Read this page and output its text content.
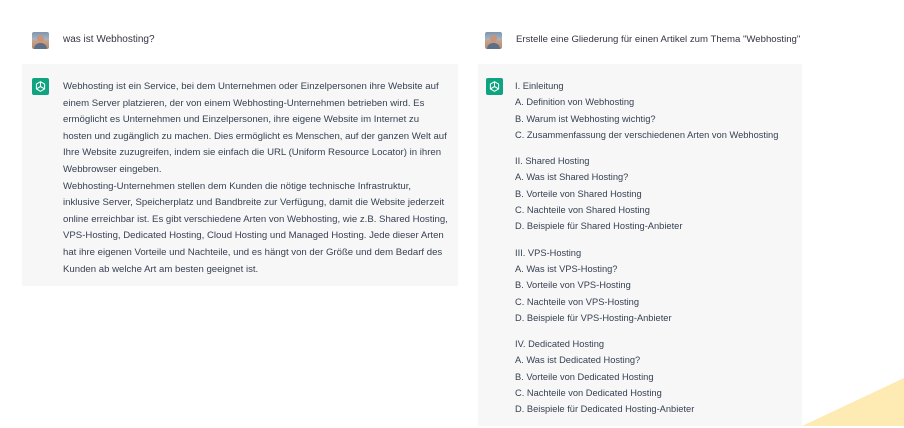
was ist Webhosting?

Webhosting ist ein Service, bei dem Unternehmen oder Einzelpersonen ihre Website auf einem Server platzieren, der von einem Webhosting-Unternehmen betrieben wird. Es ermöglicht es Unternehmen und Einzelpersonen, ihre eigene Website im Internet zu hosten und zugänglich zu machen. Dies ermöglicht es Menschen, auf der ganzen Welt auf Ihre Website zuzugreifen, indem sie einfach die URL (Uniform Resource Locator) in ihren Webbrowser eingeben.

Webhosting-Unternehmen stellen dem Kunden die nötige technische Infrastruktur, inklusive Server, Speicherplatz und Bandbreite zur Verfügung, damit die Website jederzeit online erreichbar ist. Es gibt verschiedene Arten von Webhosting, wie z.B. Shared Hosting, VPS-Hosting, Dedicated Hosting, Cloud Hosting und Managed Hosting. Jede dieser Arten hat ihre eigenen Vorteile und Nachteile, und es hängt von der Größe und dem Bedarf des Kunden ab welche Art am besten geeignet ist.

Erstelle eine Gliederung für einen Artikel zum Thema "Webhosting"
I. Einleitung
A. Definition von Webhosting
B. Warum ist Webhosting wichtig?
C. Zusammenfassung der verschiedenen Arten von Webhosting
II. Shared Hosting
A. Was ist Shared Hosting?
B. Vorteile von Shared Hosting
C. Nachteile von Shared Hosting
D. Beispiele für Shared Hosting-Anbieter
III. VPS-Hosting
A. Was ist VPS-Hosting?
B. Vorteile von VPS-Hosting
C. Nachteile von VPS-Hosting
D. Beispiele für VPS-Hosting-Anbieter
IV. Dedicated Hosting
A. Was ist Dedicated Hosting?
B. Vorteile von Dedicated Hosting
C. Nachteile von Dedicated Hosting
D. Beispiele für Dedicated Hosting-Anbieter
